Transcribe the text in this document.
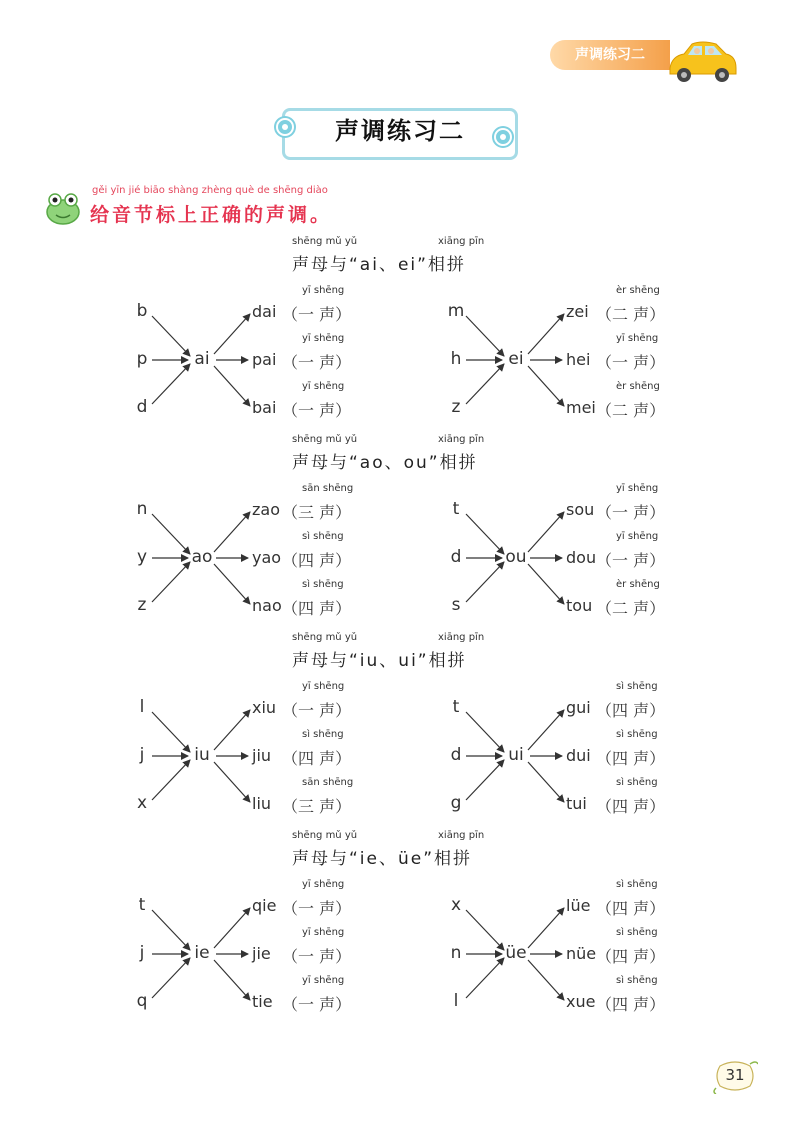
声调练习二
声调练习二
gěi yīn jié biāo shàng zhèng què de shēng diào
给音节标上正确的声调。
shēng mǔ yǔ	xiāng pīn
声母与“ai、ei”相拼
b
p
d
ai
yī shēng
dai （一 声）
yī shēng
pai （一 声）
yī shēng
bai （一 声）
m
h
z
ei
èr shēng
zei （二 声）
yī shēng
hei （一 声）
èr shēng
mei （二 声）
shēng mǔ yǔ	xiāng pīn
声母与“ao、ou”相拼
n
y
z
ao
sān shēng
zao （三 声）
sì shēng
yao （四 声）
sì shēng
nao （四 声）
t
d
s
ou
yī shēng
sou （一 声）
yī shēng
dou （一 声）
èr shēng
tou （二 声）
shēng mǔ yǔ	xiāng pīn
声母与“iu、ui”相拼
l
j
x
iu
yī shēng
xiu （一 声）
sì shēng
jiu （四 声）
sān shēng
liu （三 声）
t
d
g
ui
sì shēng
gui （四 声）
sì shēng
dui （四 声）
sì shēng
tui （四 声）
shēng mǔ yǔ	xiāng pīn
声母与“ie、üe”相拼
t
j
q
ie
yī shēng
qie （一 声）
yī shēng
jie （一 声）
yī shēng
tie （一 声）
x
n
l
üe
sì shēng
lüe （四 声）
sì shēng
nüe （四 声）
sì shēng
xue （四 声）
31
